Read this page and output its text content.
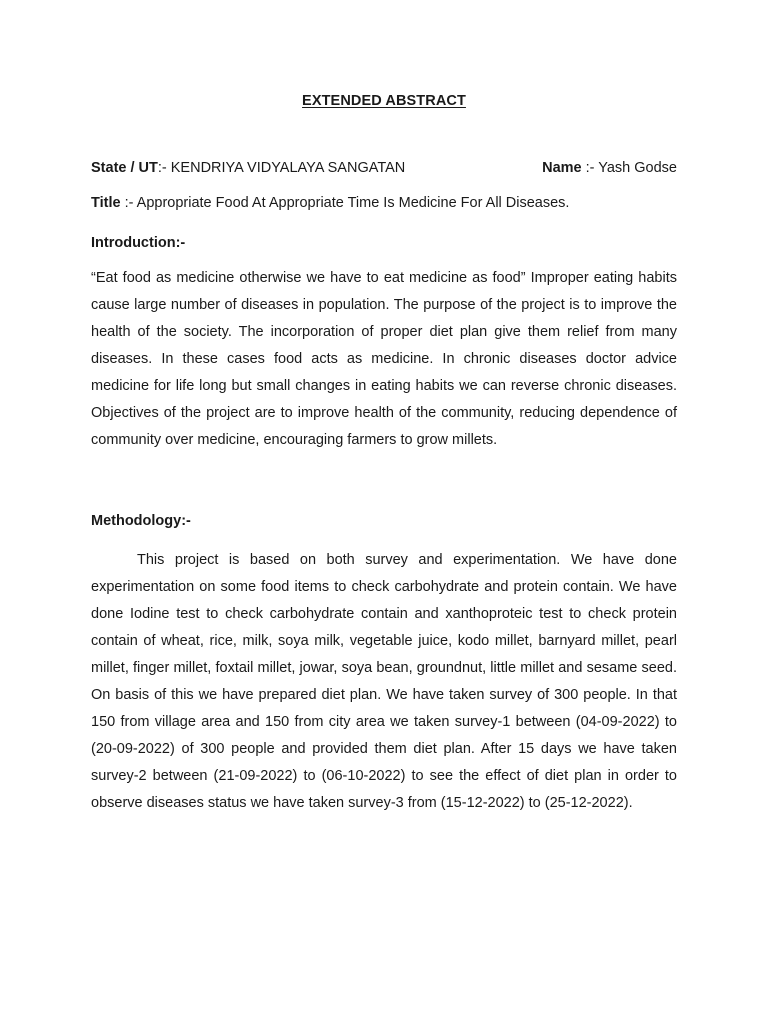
EXTENDED ABSTRACT
State / UT:- KENDRIYA VIDYALAYA SANGATAN	Name :- Yash Godse
Title :- Appropriate Food At Appropriate Time Is Medicine For All Diseases.
Introduction:-

“Eat food as medicine otherwise we have to eat medicine as food” Improper eating habits cause large number of diseases in population. The purpose of the project is to improve the health of the society. The incorporation of proper diet plan give them relief from many diseases. In these cases food acts as medicine. In chronic diseases doctor advice medicine for life long but small changes in eating habits we can reverse chronic diseases. Objectives of the project are to improve health of the community, reducing dependence of community over medicine, encouraging farmers to grow millets.

Methodology:-

This project is based on both survey and experimentation. We have done experimentation on some food items to check carbohydrate and protein contain. We have done Iodine test to check carbohydrate contain and xanthoproteic test to check protein contain of wheat, rice, milk, soya milk, vegetable juice, kodo millet, barnyard millet, pearl millet, finger millet, foxtail millet, jowar, soya bean, groundnut, little millet and sesame seed. On basis of this we have prepared diet plan. We have taken survey of 300 people. In that 150 from village area and 150 from city area we taken survey-1 between (04-09-2022) to (20-09-2022) of 300 people and provided them diet plan. After 15 days we have taken survey-2 between (21-09-2022) to (06-10-2022) to see the effect of diet plan in order to observe diseases status we have taken survey-3 from (15-12-2022) to (25-12-2022).
